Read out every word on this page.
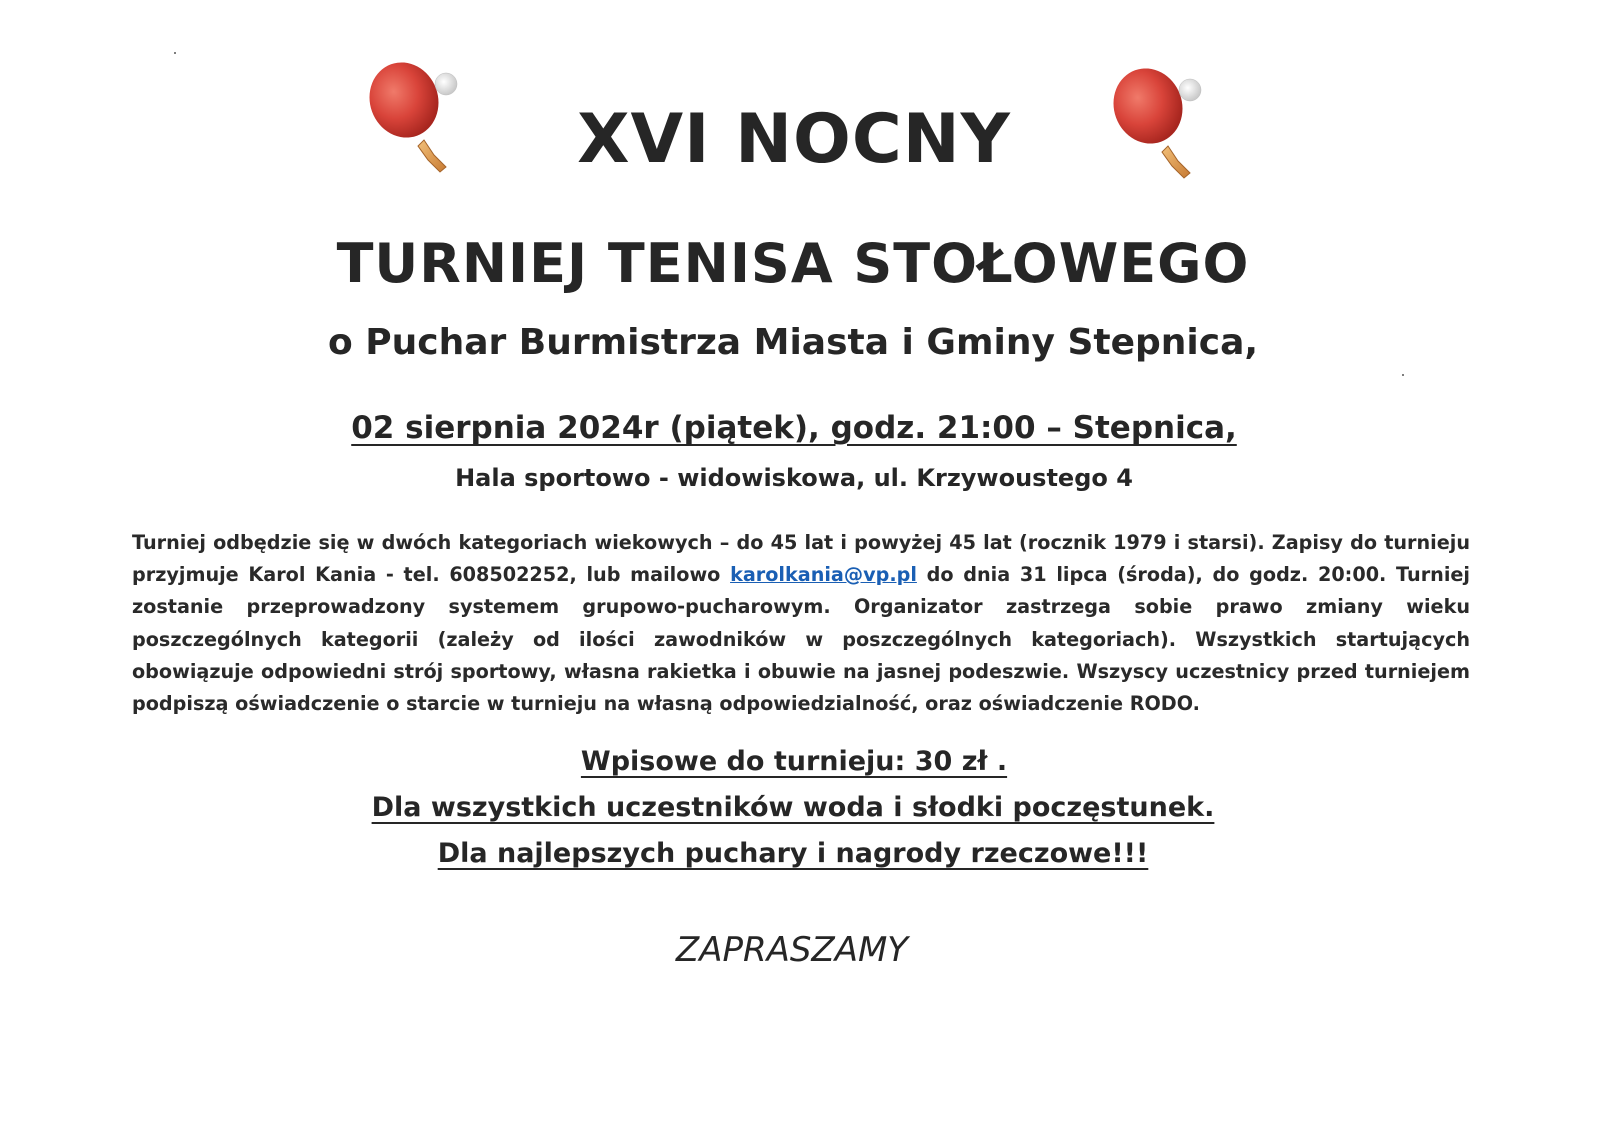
XVI NOCNY
TURNIEJ TENISA STOŁOWEGO
o Puchar Burmistrza Miasta i Gminy Stepnica,
02 sierpnia 2024r (piątek), godz. 21:00 – Stepnica,
Hala sportowo - widowiskowa, ul. Krzywoustego 4
Turniej odbędzie się w dwóch kategoriach wiekowych – do 45 lat i powyżej 45 lat (rocznik 1979 i starsi). Zapisy do turnieju przyjmuje Karol Kania - tel. 608502252, lub mailowo karolkania@vp.pl do dnia 31 lipca (środa), do godz. 20:00. Turniej zostanie przeprowadzony systemem grupowo-pucharowym. Organizator zastrzega sobie prawo zmiany wieku poszczególnych kategorii (zależy od ilości zawodników w poszczególnych kategoriach). Wszystkich startujących obowiązuje odpowiedni strój sportowy, własna rakietka i obuwie na jasnej podeszwie. Wszyscy uczestnicy przed turniejem podpiszą oświadczenie o starcie w turnieju na własną odpowiedzialność, oraz oświadczenie RODO.
Wpisowe do turnieju: 30 zł .
Dla wszystkich uczestników woda i słodki poczęstunek.
Dla najlepszych puchary i nagrody rzeczowe!!!
ZAPRASZAMY
